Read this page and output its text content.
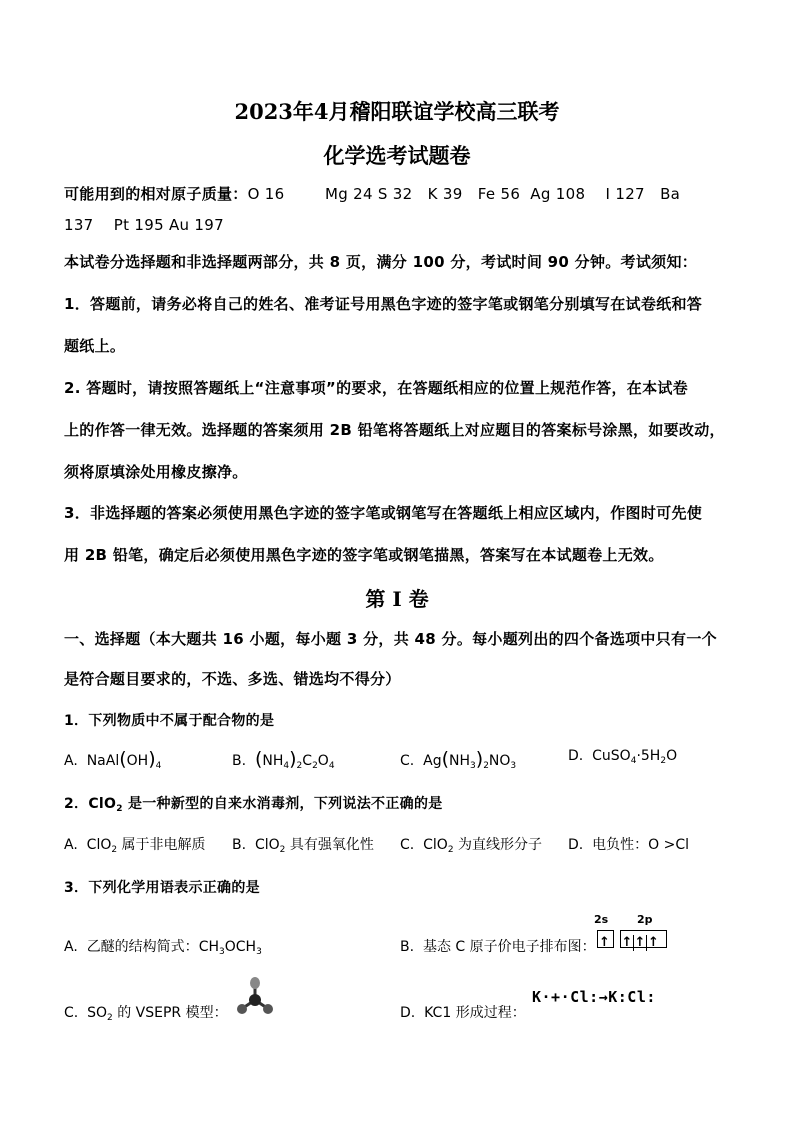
2023年4月稽阳联谊学校高三联考
化学选考试题卷
可能用到的相对原子质量：O 16        Mg 24 S 32   K 39   Fe 56  Ag 108    I 127   Ba
137    Pt 195 Au 197
本试卷分选择题和非选择题两部分，共 8 页，满分 100 分，考试时间 90 分钟。考试须知：
1．答题前，请务必将自己的姓名、准考证号用黑色字迹的签字笔或钢笔分别填写在试卷纸和答
题纸上。
2. 答题时，请按照答题纸上“注意事项”的要求，在答题纸相应的位置上规范作答，在本试卷
上的作答一律无效。选择题的答案须用 2B 铅笔将答题纸上对应题目的答案标号涂黑，如要改动，
须将原填涂处用橡皮擦净。
3．非选择题的答案必须使用黑色字迹的签字笔或钢笔写在答题纸上相应区域内，作图时可先使
用 2B 铅笔，确定后必须使用黑色字迹的签字笔或钢笔描黑，答案写在本试题卷上无效。
第 I 卷
一、选择题（本大题共 16 小题，每小题 3 分，共 48 分。每小题列出的四个备选项中只有一个
是符合题目要求的，不选、多选、错选均不得分）
1．下列物质中不属于配合物的是
A. $NaAl(OH)_4$	B. $(NH_4)_2C_2O_4$	C. $Ag(NH_3)_2NO_3$
D. $CuSO_4\cdot 5H_2O$
2．ClO$_2$ 是一种新型的自来水消毒剂，下列说法不正确的是
A.  ClO$_2$ 属于非电解质 B.  ClO$_2$ 具有强氧化性 C.  ClO$_2$ 为直线形分子 D. 电负性：O >Cl
3．下列化学用语表示正确的是
A. 乙醚的结构简式：$CH_3OCH_3$	B. 基态 C 原子价电子排布图：
2s	2p
↑ ↑ ↑ ↑
C.  $SO_2$ 的 VSEPR 模型：	D. KC1 形成过程：
K·+·Cl:→K:Cl:
